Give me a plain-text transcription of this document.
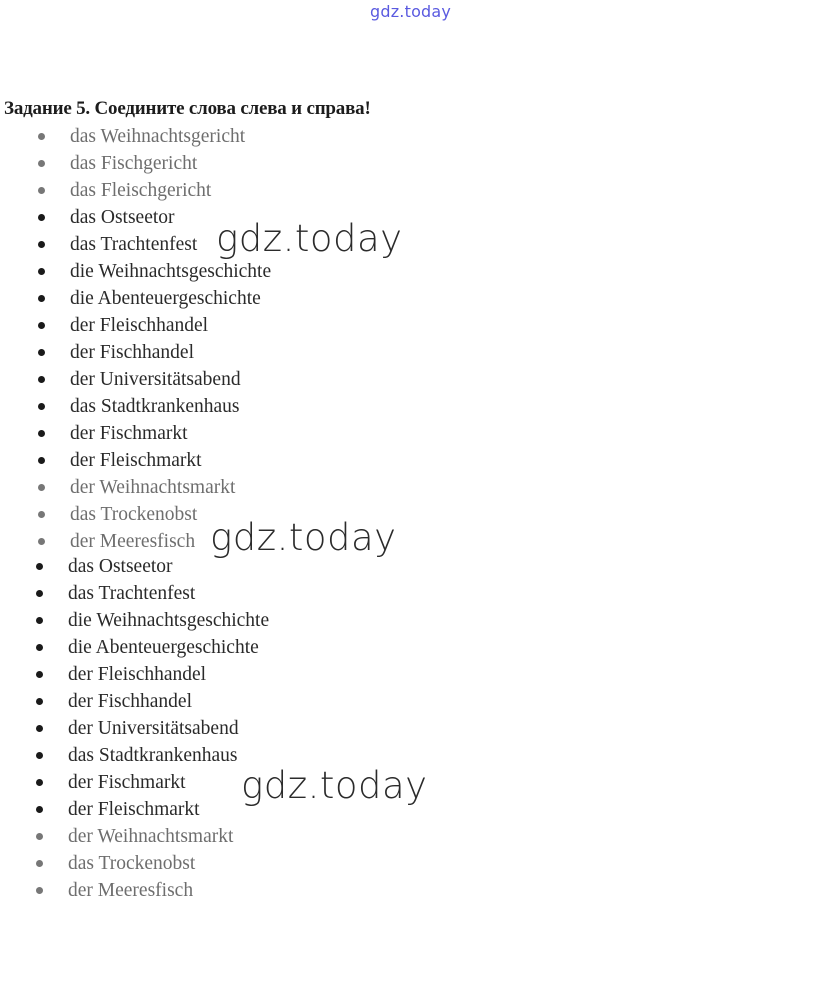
gdz.today
Задание 5. Соедините слова слева и справа!
das Weihnachtsgericht
das Fischgericht
das Fleischgericht
das Ostseetor
das Trachtenfest
die Weihnachtsgeschichte
die Abenteuergeschichte
der Fleischhandel
der Fischhandel
der Universitätsabend
das Stadtkrankenhaus
der Fischmarkt
der Fleischmarkt
der Weihnachtsmarkt
das Trockenobst
der Meeresfisch
das Ostseetor
das Trachtenfest
die Weihnachtsgeschichte
die Abenteuergeschichte
der Fleischhandel
der Fischhandel
der Universitätsabend
das Stadtkrankenhaus
der Fischmarkt
der Fleischmarkt
der Weihnachtsmarkt
das Trockenobst
der Meeresfisch
gdz.today
gdz.today
gdz.today
